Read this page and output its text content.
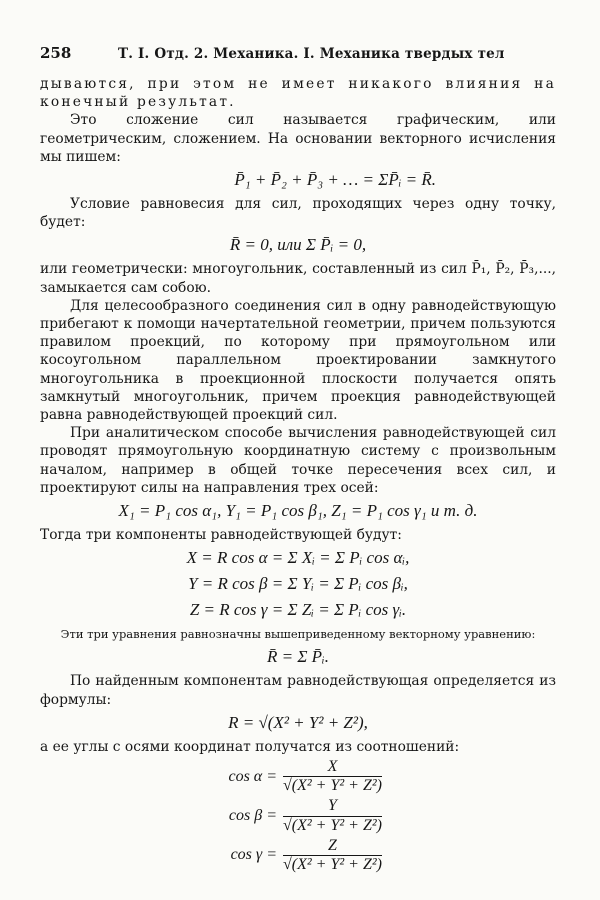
258	Т. I. Отд. 2. Механика. I. Механика твердых тел

дываются, при этом не имеет никакого влияния на конечный результат.

Это сложение сил называется графическим, или геометрическим, сложением. На основании векторного исчисления мы пишем:

P̄₁ + P̄₂ + P̄₃ + … = ΣP̄ᵢ = R̄.

Условие равновесия для сил, проходящих через одну точку, будет:

R̄ = 0, или Σ P̄ᵢ = 0,

или геометрически: многоугольник, составленный из сил P̄₁, P̄₂, P̄₃,..., замыкается сам собою.

Для целесообразного соединения сил в одну равнодействующую прибегают к помощи начертательной геометрии, причем пользуются правилом проекций, по которому при прямоугольном или косоугольном параллельном проектировании замкнутого многоугольника в проекционной плоскости получается опять замкнутый многоугольник, причем проекция равнодействующей равна равнодействующей проекций сил.

При аналитическом способе вычисления равнодействующей сил проводят прямоугольную координатную систему с произвольным началом, например в общей точке пересечения всех сил, и проектируют силы на направления трех осей:

X₁ = P₁ cos α₁, Y₁ = P₁ cos β₁, Z₁ = P₁ cos γ₁ и т. д.

Тогда три компоненты равнодействующей будут:

X = R cos α = Σ Xᵢ = Σ Pᵢ cos αᵢ,
Y = R cos β = Σ Yᵢ = Σ Pᵢ cos βᵢ,
Z = R cos γ = Σ Zᵢ = Σ Pᵢ cos γᵢ.

Эти три уравнения равнозначны вышеприведенному векторному уравнению:

R̄ = Σ P̄ᵢ.

По найденным компонентам равнодействующая определяется из формулы:

R = √(X² + Y² + Z²),

а ее углы с осями координат получатся из соотношений:

$\cos \alpha = \frac{X}{\text{√(X² + Y² + Z²)}}$
$\cos \beta = \frac{Y}{\text{√(X² + Y² + Z²)}}$
$\cos \gamma = \frac{Z}{\text{√(X² + Y² + Z²)}}$
